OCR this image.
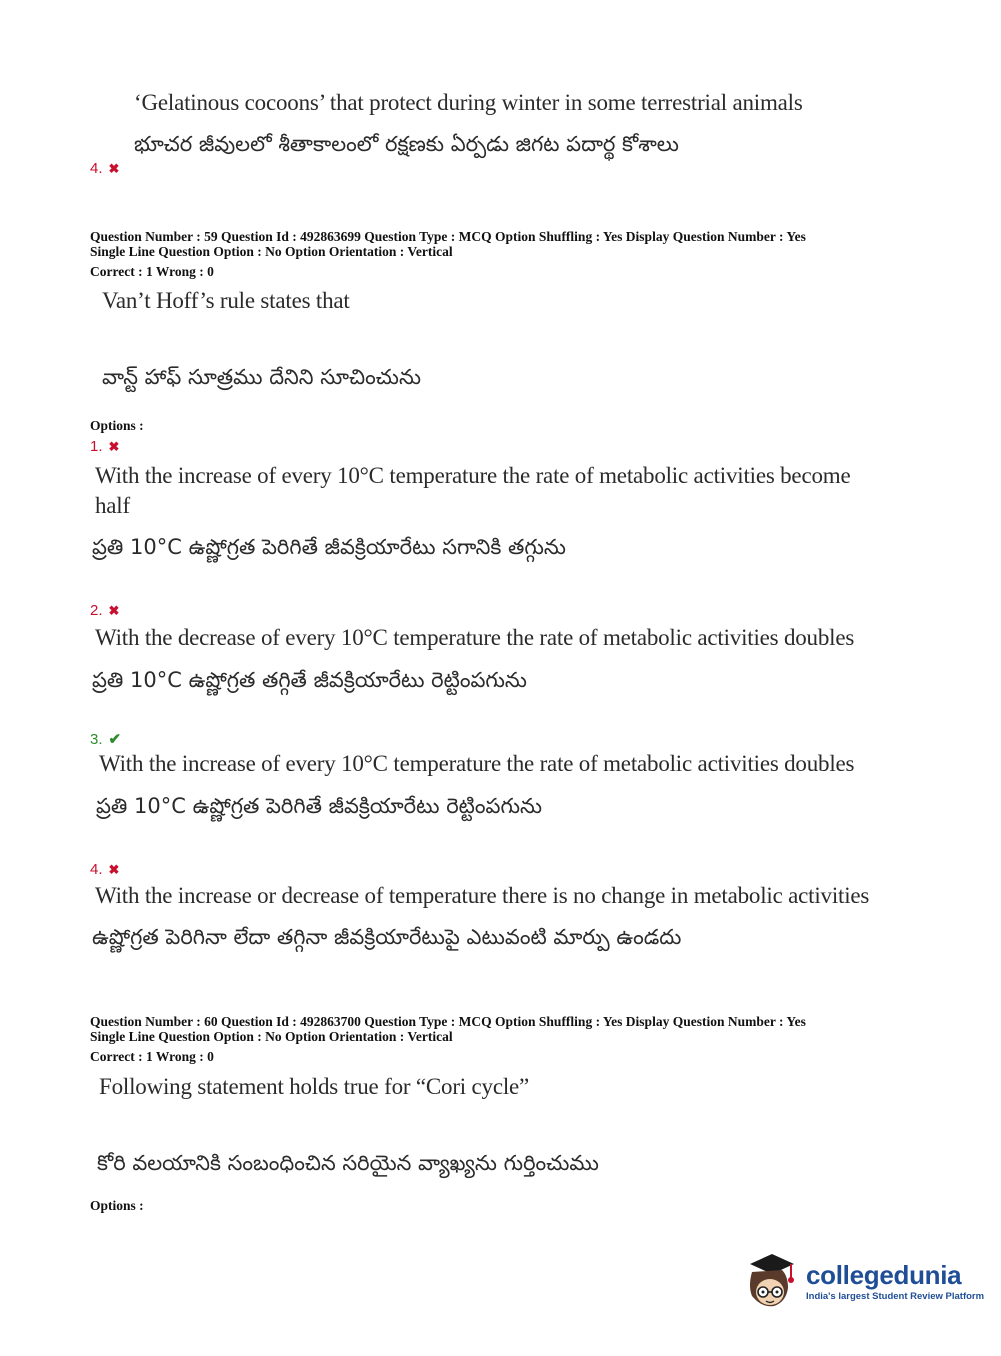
‘Gelatinous cocoons’ that protect during winter in some terrestrial animals
భూచర జీవులలో శీతాకాలంలో రక్షణకు ఏర్పడు జిగట పదార్థ కోశాలు
4. ✖
Question Number : 59 Question Id : 492863699 Question Type : MCQ Option Shuffling : Yes Display Question Number : Yes
Single Line Question Option : No Option Orientation : Vertical
Correct : 1 Wrong : 0
Van’t Hoff’s rule states that
వాన్ట్ హాఫ్ సూత్రము దేనిని సూచించును
Options :
1. ✖
With the increase of every 10°C temperature the rate of metabolic activities become
half
ప్రతి 10°C ఉష్ణోగ్రత పెరిగితే జీవక్రియారేటు సగానికి తగ్గును
2. ✖
With the decrease of every 10°C temperature the rate of metabolic activities doubles
ప్రతి 10°C ఉష్ణోగ్రత తగ్గితే జీవక్రియారేటు రెట్టింపగును
3. ✔
With the increase of every 10°C temperature the rate of metabolic activities doubles
ప్రతి 10°C ఉష్ణోగ్రత పెరిగితే జీవక్రియారేటు రెట్టింపగును
4. ✖
With the increase or decrease of temperature there is no change in metabolic activities
ఉష్ణోగ్రత పెరిగినా లేదా తగ్గినా జీవక్రియారేటుపై ఎటువంటి మార్పు ఉండదు
Question Number : 60 Question Id : 492863700 Question Type : MCQ Option Shuffling : Yes Display Question Number : Yes
Single Line Question Option : No Option Orientation : Vertical
Correct : 1 Wrong : 0
Following statement holds true for “Cori cycle”
కోరి వలయానికి సంబంధించిన సరియైన వ్యాఖ్యను గుర్తించుము
Options :
collegedunia
India's largest Student Review Platform
